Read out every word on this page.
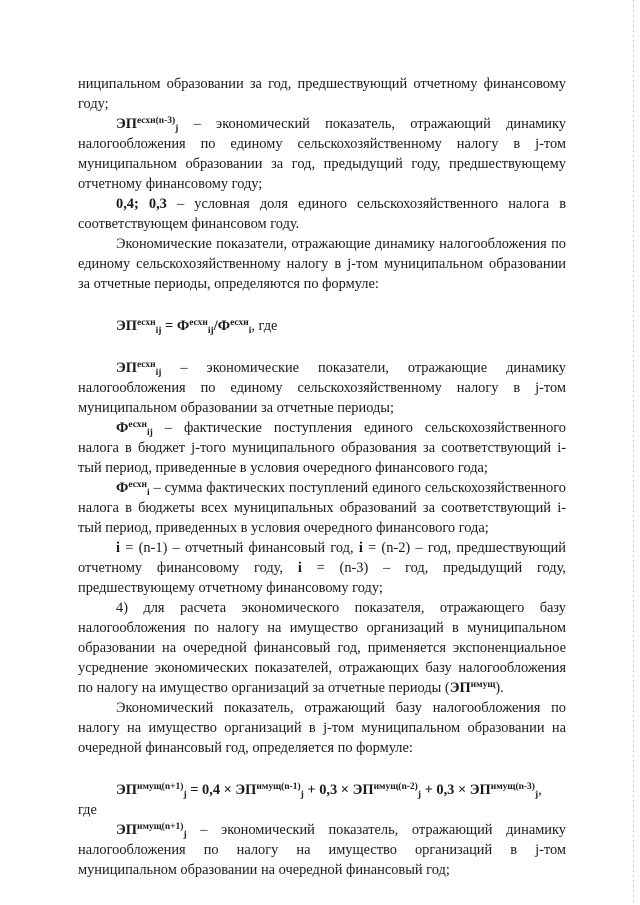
ниципальном образовании за год, предшествующий отчетному финансовому году;

$ЭП^{есхн(n-3)}_j$ – экономический показатель, отражающий динамику налогообложения по единому сельскохозяйственному налогу в j-том муниципальном образовании за год, предыдущий году, предшествующему отчетному финансовому году;

0,4; 0,3 – условная доля единого сельскохозяйственного налога в соответствующем финансовом году.

Экономические показатели, отражающие динамику налогообложения по единому сельскохозяйственному налогу в j-том муниципальном образовании за отчетные периоды, определяются по формуле:

$ЭП^{есхн}_{ij} = Ф^{есхн}_{ij}/Ф^{есхн}_i$, где

$ЭП^{есхн}_{ij}$ – экономические показатели, отражающие динамику налогообложения по единому сельскохозяйственному налогу в j-том муниципальном образовании за отчетные периоды;

$Ф^{есхн}_{ij}$ – фактические поступления единого сельскохозяйственного налога в бюджет j-того муниципального образования за соответствующий i-тый период, приведенные в условия очередного финансового года;

$Ф^{есхн}_i$ – сумма фактических поступлений единого сельскохозяйственного налога в бюджеты всех муниципальных образований за соответствующий i-тый период, приведенных в условия очередного финансового года;

i = (n-1) – отчетный финансовый год, i = (n-2) – год, предшествующий отчетному финансовому году, i = (n-3) – год, предыдущий году, предшествующему отчетному финансовому году;

4) для расчета экономического показателя, отражающего базу налогообложения по налогу на имущество организаций в муниципальном образовании на очередной финансовый год, применяется экспоненциальное усреднение экономических показателей, отражающих базу налогообложения по налогу на имущество организаций за отчетные периоды $(ЭП^{имущ})$.

Экономический показатель, отражающий базу налогообложения по налогу на имущество организаций в j-том муниципальном образовании на очередной финансовый год, определяется по формуле:

$ЭП^{имущ(n+1)}_j = 0,4 \times ЭП^{имущ(n-1)}_j + 0,3 \times ЭП^{имущ(n-2)}_j + 0,3 \times ЭП^{имущ(n-3)}_j$,

где

$ЭП^{имущ(n+1)}_j$ – экономический показатель, отражающий динамику налогообложения по налогу на имущество организаций в j-том муниципальном образовании на очередной финансовый год;
